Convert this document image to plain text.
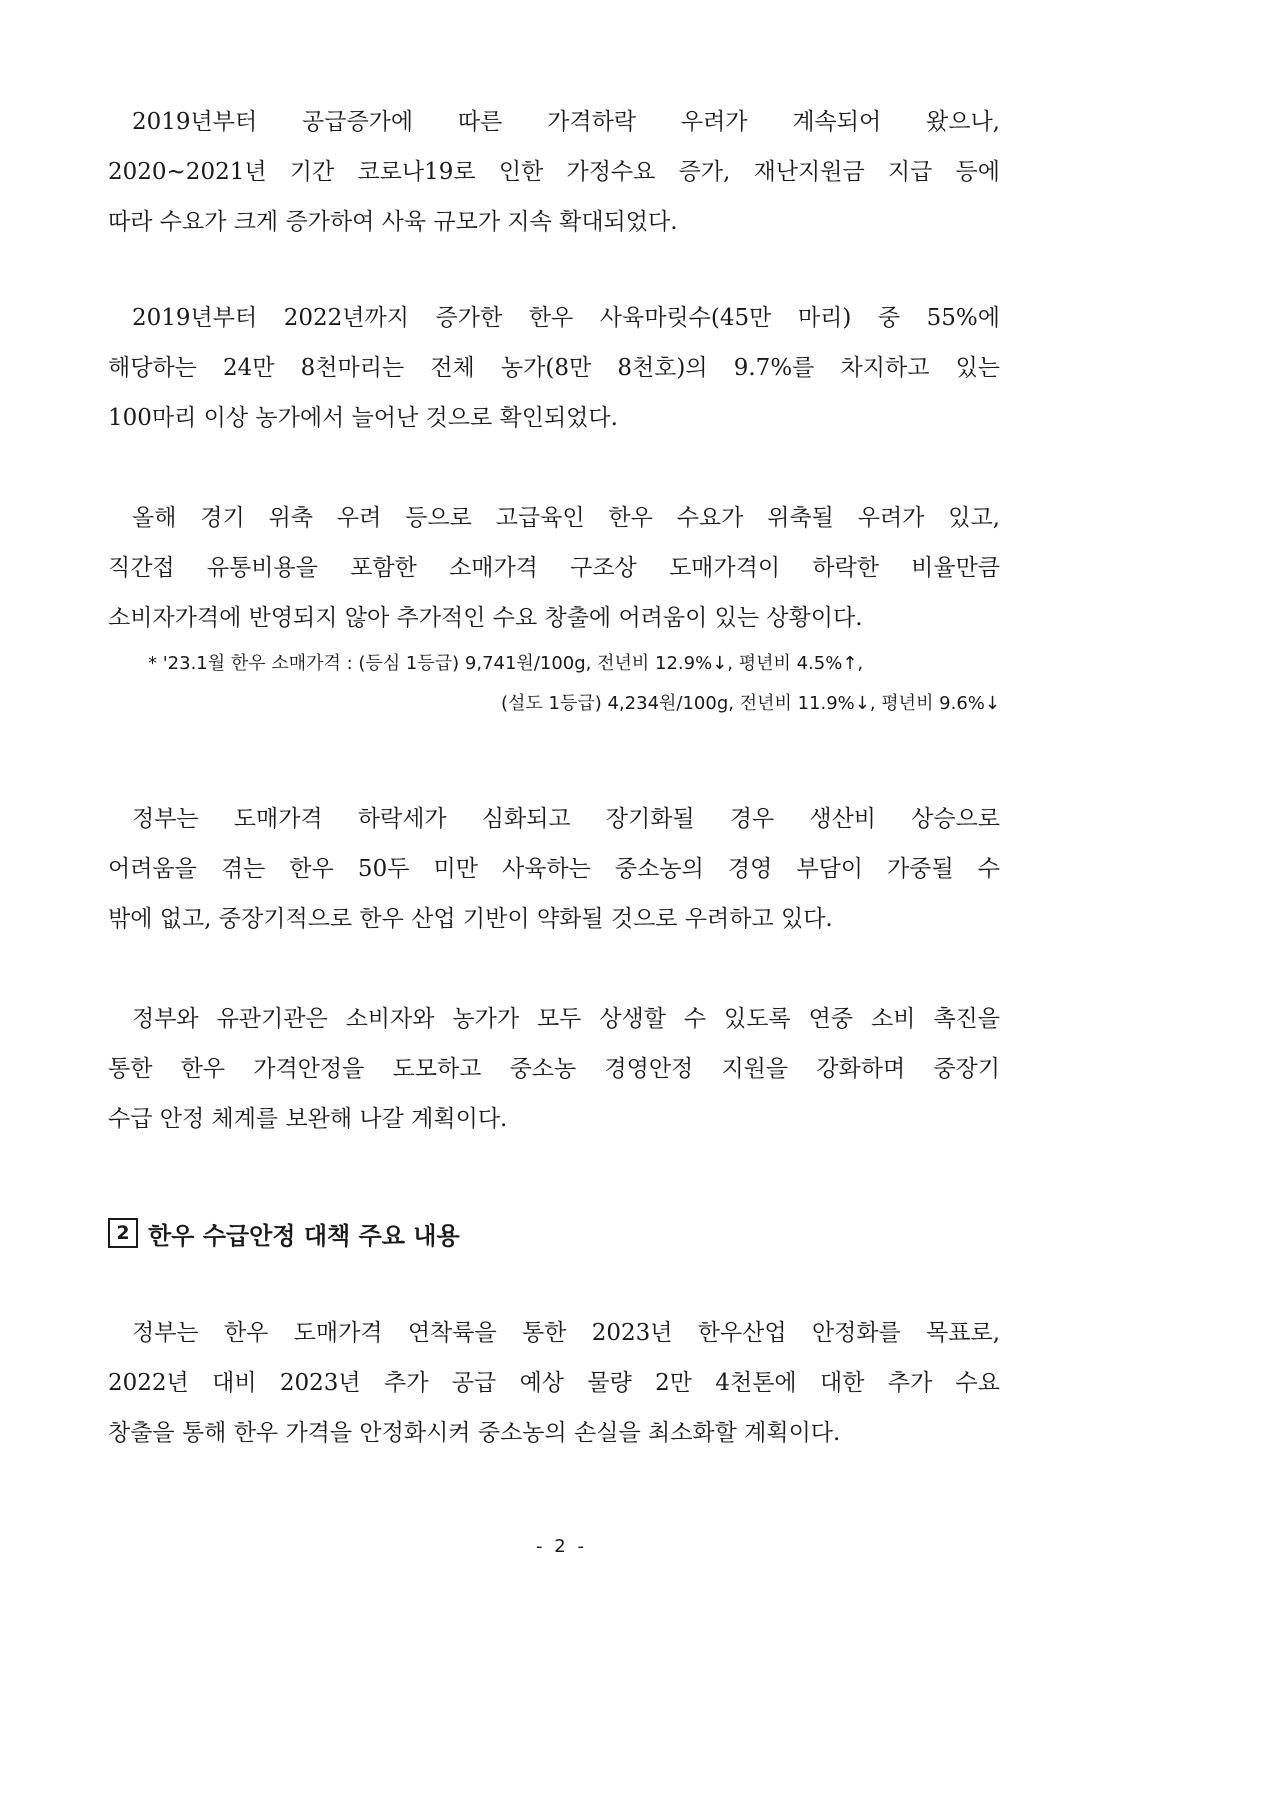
2019년부터 공급증가에 따른 가격하락 우려가 계속되어 왔으나,
2020~2021년 기간 코로나19로 인한 가정수요 증가, 재난지원금 지급 등에
따라 수요가 크게 증가하여 사육 규모가 지속 확대되었다.
2019년부터 2022년까지 증가한 한우 사육마릿수(45만 마리) 중 55%에
해당하는 24만 8천마리는 전체 농가(8만 8천호)의 9.7%를 차지하고 있는
100마리 이상 농가에서 늘어난 것으로 확인되었다.
올해 경기 위축 우려 등으로 고급육인 한우 수요가 위축될 우려가 있고,
직간접 유통비용을 포함한 소매가격 구조상 도매가격이 하락한 비율만큼
소비자가격에 반영되지 않아 추가적인 수요 창출에 어려움이 있는 상황이다.
* '23.1월 한우 소매가격 : (등심 1등급) 9,741원/100g, 전년비 12.9%↓, 평년비 4.5%↑,
(설도 1등급) 4,234원/100g, 전년비 11.9%↓, 평년비 9.6%↓
정부는 도매가격 하락세가 심화되고 장기화될 경우 생산비 상승으로
어려움을 겪는 한우 50두 미만 사육하는 중소농의 경영 부담이 가중될 수
밖에 없고, 중장기적으로 한우 산업 기반이 약화될 것으로 우려하고 있다.
정부와 유관기관은 소비자와 농가가 모두 상생할 수 있도록 연중 소비 촉진을
통한 한우 가격안정을 도모하고 중소농 경영안정 지원을 강화하며 중장기
수급 안정 체계를 보완해 나갈 계획이다.
2 한우 수급안정 대책 주요 내용
정부는 한우 도매가격 연착륙을 통한 2023년 한우산업 안정화를 목표로,
2022년 대비 2023년 추가 공급 예상 물량 2만 4천톤에 대한 추가 수요
창출을 통해 한우 가격을 안정화시켜 중소농의 손실을 최소화할 계획이다.
- 2 -
